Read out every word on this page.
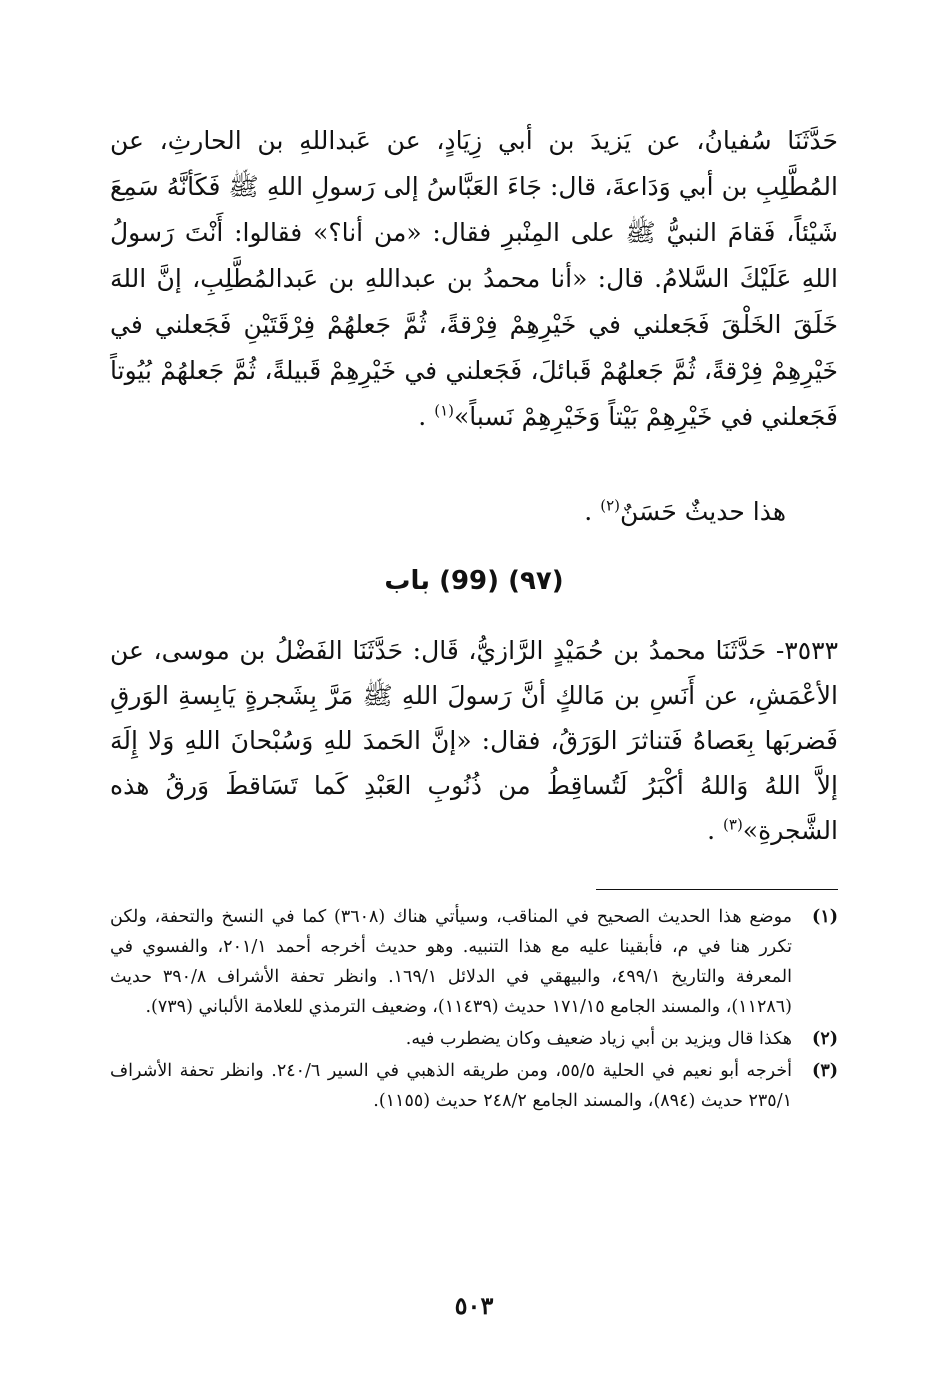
حَدَّثَنَا سُفيانُ، عن يَزيدَ بن أبي زِيَادٍ، عن عَبداللهِ بن الحارثِ، عن المُطَّلِبِ بن أبي وَدَاعةَ، قال: جَاءَ العَبَّاسُ إلى رَسولِ اللهِ ﷺ فَكَأنَّهُ سَمِعَ شَيْئاً، فَقامَ النبيُّ ﷺ على المِنْبرِ فقال: «من أنا؟» فقالوا: أَنْتَ رَسولُ اللهِ عَلَيْكَ السَّلامُ. قال: «أنا محمدُ بن عبداللهِ بن عَبدالمُطَّلِبِ، إنَّ اللهَ خَلَقَ الخَلْقَ فَجَعلني في خَيْرِهِمْ فِرْقةً، ثُمَّ جَعلهُمْ فِرْقَتَيْنِ فَجَعلني في خَيْرِهِمْ فِرْقةً، ثُمَّ جَعلهُمْ قَبائلَ، فَجَعلني في خَيْرِهِمْ قَبيلةً، ثُمَّ جَعلهُمْ بُيُوتاً فَجَعلني في خَيْرِهِمْ بَيْتاً وَخَيْرِهِمْ نَسباً»$^{(١)}$ .

هذا حديثٌ حَسَنٌ$^{(٢)}$ .
(٩٧) (99) باب

٣٥٣٣- حَدَّثَنَا محمدُ بن حُمَيْدٍ الرَّازيُّ، قَال: حَدَّثَنَا الفَضْلُ بن موسى، عن الأعْمَشِ، عن أَنَسِ بن مَالكٍ أنَّ رَسولَ اللهِ ﷺ مَرَّ بِشَجرةٍ يَابِسةِ الوَرقِ فَضربَها بِعَصاهُ فَتناثرَ الوَرَقُ، فقال: «إنَّ الحَمدَ للهِ وَسُبْحانَ اللهِ وَلا إِلَهَ إلاَّ اللهُ وَاللهُ أكْبَرُ لَتُساقِطُ من ذُنُوبِ العَبْدِ كَما تَسَاقطَ وَرقُ هذه الشَّجرةِ»$^{(٣)}$ .

(١)
موضع هذا الحديث الصحيح في المناقب، وسيأتي هناك (٣٦٠٨) كما في النسخ والتحفة، ولكن تكرر هنا في م، فأبقينا عليه مع هذا التنبيه. وهو حديث أخرجه أحمد ٢٠١/١، والفسوي في المعرفة والتاريخ ٤٩٩/١، والبيهقي في الدلائل ١٦٩/١. وانظر تحفة الأشراف ٣٩٠/٨ حديث (١١٢٨٦)، والمسند الجامع ١٧١/١٥ حديث (١١٤٣٩)، وضعيف الترمذي للعلامة الألباني (٧٣٩).
(٢)
هكذا قال ويزيد بن أبي زياد ضعيف وكان يضطرب فيه.
(٣)
أخرجه أبو نعيم في الحلية ٥٥/٥، ومن طريقه الذهبي في السير ٢٤٠/٦. وانظر تحفة الأشراف ٢٣٥/١ حديث (٨٩٤)، والمسند الجامع ٢٤٨/٢ حديث (١١٥٥).
٥٠٣
